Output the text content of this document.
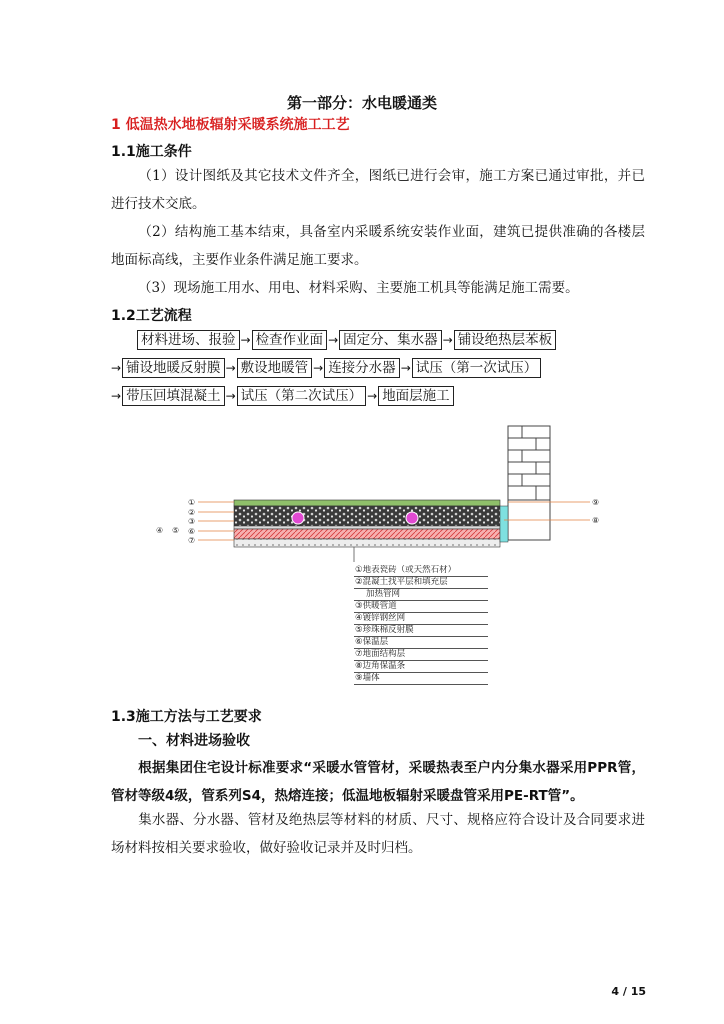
第一部分：水电暖通类
1 低温热水地板辐射采暖系统施工工艺
1.1施工条件

（1）设计图纸及其它技术文件齐全，图纸已进行会审，施工方案已通过审批，并已进行技术交底。

（2）结构施工基本结束，具备室内采暖系统安装作业面，建筑已提供准确的各楼层地面标高线，主要作业条件满足施工要求。

（3）现场施工用水、用电、材料采购、主要施工机具等能满足施工需要。

1.2工艺流程
材料进场、报验 → 检查作业面 → 固定分、集水器 → 铺设绝热层苯板
→ 铺设地暖反射膜 → 敷设地暖管 → 连接分水器 → 试压（第一次试压）
→ 带压回填混凝土 → 试压（第二次试压） → 地面层施工
①
②
③
④ ⑤ ⑥
⑦
⑨
⑧
①地表瓷砖（或天然石材）
②混凝土找平层和填充层
加热管网
③供暖管道
④镀锌钢丝网
⑤珍珠棉反射膜
⑥保温层
⑦地面结构层
⑧边角保温条
⑨墙体
1.3施工方法与工艺要求
一、材料进场验收

根据集团住宅设计标准要求“采暖水管管材，采暖热表至户内分集水器采用PPR管，管材等级4级，管系列S4，热熔连接；低温地板辐射采暖盘管采用PE-RT管”。

集水器、分水器、管材及绝热层等材料的材质、尺寸、规格应符合设计及合同要求进场材料按相关要求验收，做好验收记录并及时归档。

4 / 15
